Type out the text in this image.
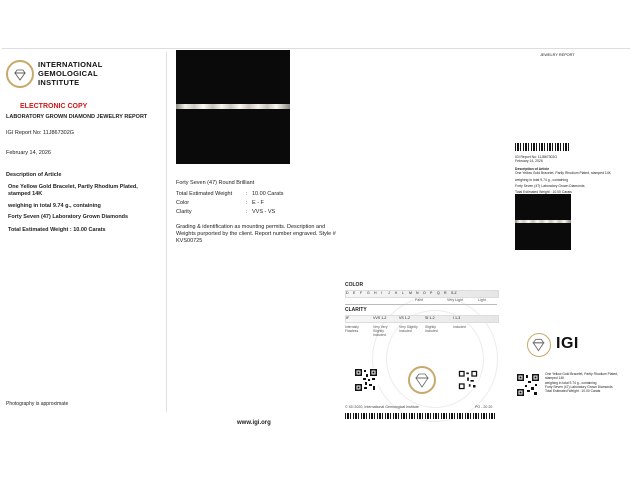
INTERNATIONAL
GEMOLOGICAL
INSTITUTE
ELECTRONIC COPY
LABORATORY GROWN DIAMOND JEWELRY REPORT
IGI Report No: 11J867302G
February 14, 2026
Description of Article
One Yellow Gold Bracelet, Partly Rhodium Plated, stamped 14K
weighing in total 9.74 g., containing
Forty Seven (47) Laboratory Grown Diamonds
Total Estimated Weight : 10.00 Carats
Photography is approximate
Forty Seven (47) Round Brilliant
Total Estimated Weight	: 10.00 Carats
Color	: E - F
Clarity	: VVS - VS
Grading & identification as mounting permits. Description and Weights purported by the client. Report number engraved. Style # KVS00725
www.igi.org
COLOR
D E F G H I J K L M N O P Q R S-Z
Faint	Very Light	Light
CLARITY
IF	VVS 1-2	VS 1-2	SI 1-2	I 1-3
Internally Flawless
Very Very Slightly Included
Very Slightly Included
Slightly Included
Included
© IGI 2020, International Gemological Institute	PO - 20 20
JEWELRY REPORT
IGI Report No: 11J867302G
February 14, 2026
Description of Article
One Yellow Gold Bracelet, Partly Rhodium Plated, stamped 14K
weighing in total 9.74 g., containing
Forty Seven (47) Laboratory Grown Diamonds
Total Estimated Weight : 10.00 Carats
IGI
One Yellow Gold Bracelet, Partly Rhodium Plated,
stamped 14K
weighing in total 9.74 g., containing
Forty Seven (47) Laboratory Grown Diamonds
Total Estimated Weight : 10.00 Carats
